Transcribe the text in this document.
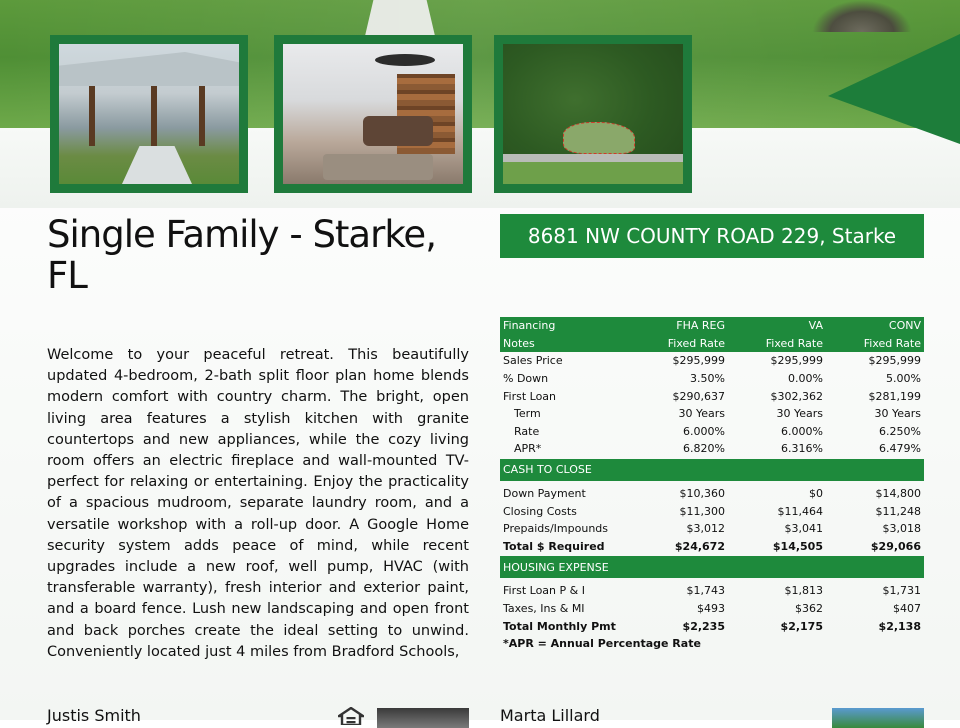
Single Family - Starke, FL
8681 NW COUNTY ROAD 229, Starke

Welcome to your peaceful retreat. This beautifully updated 4-bedroom, 2-bath split floor plan home blends modern comfort with country charm. The bright, open living area features a stylish kitchen with granite countertops and new appliances, while the cozy living room offers an electric fireplace and wall-mounted TV- perfect for relaxing or entertaining. Enjoy the practicality of a spacious mudroom, separate laundry room, and a versatile workshop with a roll-up door. A Google Home security system adds peace of mind, while recent upgrades include a new roof, well pump, HVAC (with transferable warranty), fresh interior and exterior paint, and a board fence. Lush new landscaping and open front and back porches create the ideal setting to unwind. Conveniently located just 4 miles from Bradford Schools,

Financing	FHA REG	VA	CONV
Notes	Fixed Rate	Fixed Rate	Fixed Rate
Sales Price	$295,999	$295,999	$295,999
% Down	3.50%	0.00%	5.00%
First Loan	$290,637	$302,362	$281,199
Term	30 Years	30 Years	30 Years
Rate	6.000%	6.000%	6.250%
APR*	6.820%	6.316%	6.479%
CASH TO CLOSE
Down Payment	$10,360	$0	$14,800
Closing Costs	$11,300	$11,464	$11,248
Prepaids/Impounds	$3,012	$3,041	$3,018
Total $ Required	$24,672	$14,505	$29,066
HOUSING EXPENSE
First Loan P & I	$1,743	$1,813	$1,731
Taxes, Ins & MI	$493	$362	$407
Total Monthly Pmt	$2,235	$2,175	$2,138
*APR = Annual Percentage Rate
Justis Smith	Marta Lillard
